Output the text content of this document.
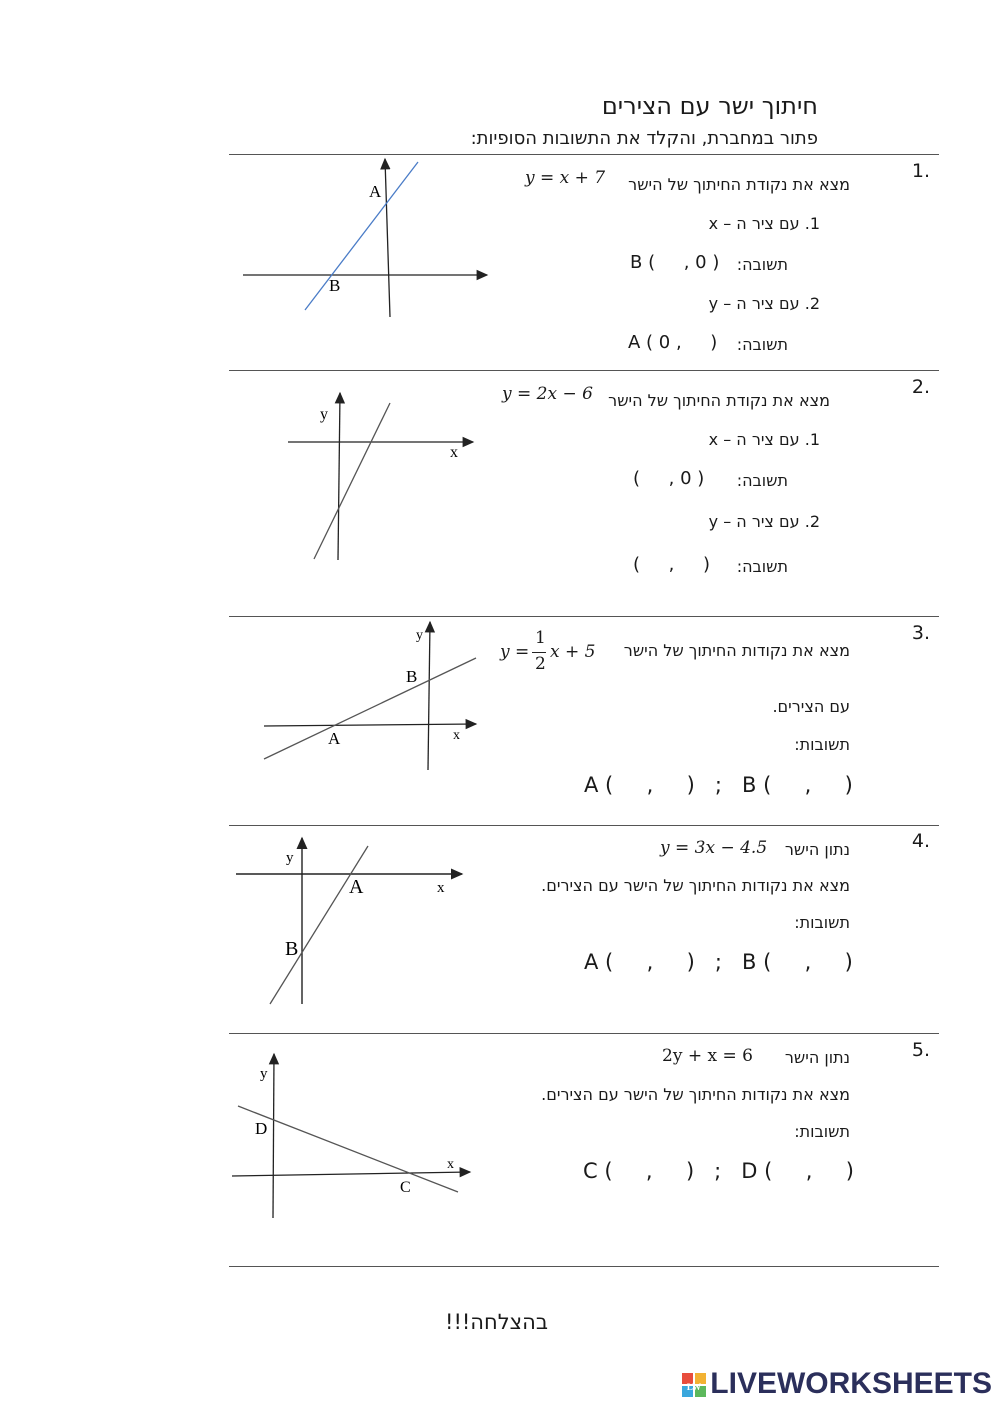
חיתוך ישר עם הצירים
פתור במחברת, והקלד את התשובות הסופיות:
.1
מצא את נקודת החיתוך של הישר
y = x + 7
1. עם ציר ה – x
תשובה:
B (     , 0 )
2. עם ציר ה – y
תשובה:
A ( 0 ,     )
A
B
.2
מצא את נקודת החיתוך של הישר
y = 2x − 6
1. עם ציר ה – x
תשובה:
(     , 0 )
2. עם ציר ה – y
תשובה:
(     ,     )
y
x
.3
מצא את נקודות החיתוך של הישר
y =
1
2
x + 5
עם הצירים.
תשובות:
A (     ,     )   ;   B (     ,     )
y
x
A
B
.4
נתון הישר
y = 3x − 4.5
מצא את נקודות החיתוך של הישר עם הצירים.
תשובות:
A (     ,     )   ;   B (     ,     )
y
x
A
B
.5
נתון הישר
2y + x = 6
מצא את נקודות החיתוך של הישר עם הצירים.
תשובות:
C (     ,     )   ;   D (     ,     )
y
x
D
C
בהצלחה!!!
LW LIVEWORKSHEETS
